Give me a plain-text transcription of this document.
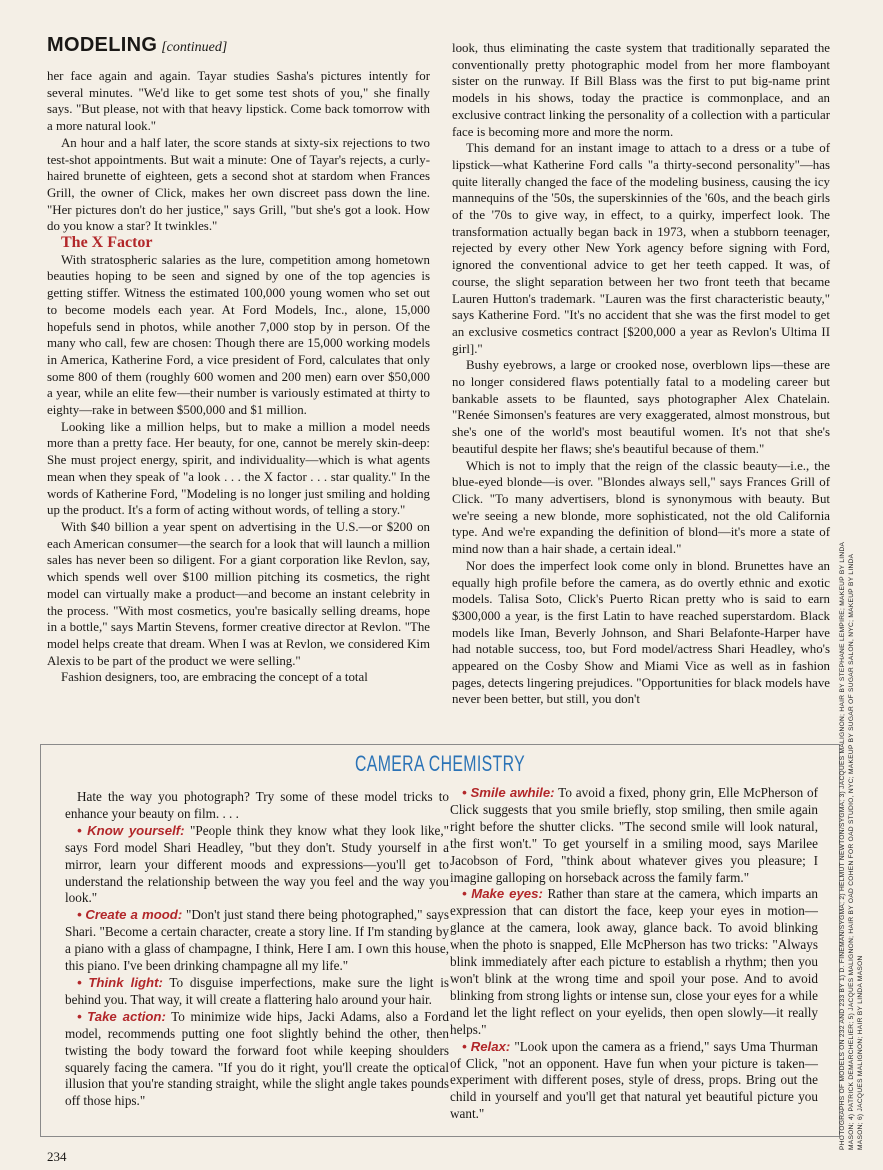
MODELING [continued]

her face again and again. Tayar studies Sasha's pictures intently for several minutes. "We'd like to get some test shots of you," she finally says. "But please, not with that heavy lipstick. Come back tomorrow with a more natural look."

An hour and a half later, the score stands at sixty-six rejections to two test-shot appointments. But wait a minute: One of Tayar's rejects, a curly-haired brunette of eighteen, gets a second shot at stardom when Frances Grill, the owner of Click, makes her own discreet pass down the line. "Her pictures don't do her justice," says Grill, "but she's got a look. How do you know a star? It twinkles."

The X Factor

With stratospheric salaries as the lure, competition among hometown beauties hoping to be seen and signed by one of the top agencies is getting stiffer. Witness the estimated 100,000 young women who set out to become models each year. At Ford Models, Inc., alone, 15,000 hopefuls send in photos, while another 7,000 stop by in person. Of the many who call, few are chosen: Though there are 15,000 working models in America, Katherine Ford, a vice president of Ford, calculates that only some 800 of them (roughly 600 women and 200 men) earn over $50,000 a year, while an elite few—their number is variously estimated at thirty to eighty—rake in between $500,000 and $1 million.

Looking like a million helps, but to make a million a model needs more than a pretty face. Her beauty, for one, cannot be merely skin-deep: She must project energy, spirit, and individuality—which is what agents mean when they speak of "a look . . . the X factor . . . star quality." In the words of Katherine Ford, "Modeling is no longer just smiling and holding up the product. It's a form of acting without words, of telling a story."

With $40 billion a year spent on advertising in the U.S.—or $200 on each American consumer—the search for a look that will launch a million sales has never been so diligent. For a giant corporation like Revlon, say, which spends well over $100 million pitching its cosmetics, the right model can virtually make a product—and become an instant celebrity in the process. "With most cosmetics, you're basically selling dreams, hope in a bottle," says Martin Stevens, former creative director at Revlon. "The model helps create that dream. When I was at Revlon, we considered Kim Alexis to be part of the product we were selling."

Fashion designers, too, are embracing the concept of a total

look, thus eliminating the caste system that traditionally separated the conventionally pretty photographic model from her more flamboyant sister on the runway. If Bill Blass was the first to put big-name print models in his shows, today the practice is commonplace, and an exclusive contract linking the personality of a collection with a particular face is becoming more and more the norm.

This demand for an instant image to attach to a dress or a tube of lipstick—what Katherine Ford calls "a thirty-second personality"—has quite literally changed the face of the modeling business, causing the icy mannequins of the '50s, the superskinnies of the '60s, and the beach girls of the '70s to give way, in effect, to a quirky, imperfect look. The transformation actually began back in 1973, when a stubborn teenager, rejected by every other New York agency before signing with Ford, ignored the conventional advice to get her teeth capped. It was, of course, the slight separation between her two front teeth that became Lauren Hutton's trademark. "Lauren was the first characteristic beauty," says Katherine Ford. "It's no accident that she was the first model to get an exclusive cosmetics contract [$200,000 a year as Revlon's Ultima II girl]."

Bushy eyebrows, a large or crooked nose, overblown lips—these are no longer considered flaws potentially fatal to a modeling career but bankable assets to be flaunted, says photographer Alex Chatelain. "Renée Simonsen's features are very exaggerated, almost monstrous, but she's one of the world's most beautiful women. It's not that she's beautiful despite her flaws; she's beautiful because of them."

Which is not to imply that the reign of the classic beauty—i.e., the blue-eyed blonde—is over. "Blondes always sell," says Frances Grill of Click. "To many advertisers, blond is synonymous with beauty. But we're seeing a new blonde, more sophisticated, not the old California type. And we're expanding the definition of blond—it's more a state of mind now than a hair shade, a certain ideal."

Nor does the imperfect look come only in blond. Brunettes have an equally high profile before the camera, as do overtly ethnic and exotic models. Talisa Soto, Click's Puerto Rican pretty who is said to earn $300,000 a year, is the first Latin to have reached superstardom. Black models like Iman, Beverly Johnson, and Shari Belafonte-Harper have had notable success, too, but Ford model/actress Shari Headley, who's appeared on the Cosby Show and Miami Vice as well as in fashion pages, detects lingering prejudices. "Opportunities for black models have never been better, but still, you don't

CAMERA CHEMISTRY

Hate the way you photograph? Try some of these model tricks to enhance your beauty on film. . . .

• Know yourself: "People think they know what they look like," says Ford model Shari Headley, "but they don't. Study yourself in a mirror, learn your different moods and expressions—you'll get to understand the relationship between the way you feel and the way you look."

• Create a mood: "Don't just stand there being photographed," says Shari. "Become a certain character, create a story line. If I'm standing by a piano with a glass of champagne, I think, Here I am. I own this house, this piano. I've been drinking champagne all my life."

• Think light: To disguise imperfections, make sure the light is behind you. That way, it will create a flattering halo around your hair.

• Take action: To minimize wide hips, Jacki Adams, also a Ford model, recommends putting one foot slightly behind the other, then twisting the body toward the forward foot while keeping shoulders squarely facing the camera. "If you do it right, you'll create the optical illusion that you're standing straight, while the slight angle takes pounds off those hips."

• Smile awhile: To avoid a fixed, phony grin, Elle McPherson of Click suggests that you smile briefly, stop smiling, then smile again right before the shutter clicks. "The second smile will look natural, the first won't." To get yourself in a smiling mood, says Marilee Jacobson of Ford, "think about whatever gives you pleasure; I imagine galloping on horseback across the family farm."

• Make eyes: Rather than stare at the camera, which imparts an expression that can distort the face, keep your eyes in motion—glance at the camera, look away, glance back. To avoid blinking when the photo is snapped, Elle McPherson has two tricks: "Always blink immediately after each picture to establish a rhythm; then you won't blink at the wrong time and spoil your pose. And to avoid blinking from strong lights or intense sun, close your eyes for a while and let the light reflect on your eyelids, then open slowly—it really helps."

• Relax: "Look upon the camera as a friend," says Uma Thurman of Click, "not an opponent. Have fun when your picture is taken—experiment with different poses, style of dress, props. Bring out the child in yourself and you'll get that natural yet beautiful picture you want."

234
PHOTOGRAPHS OF MODELS ON 232 AND 233 BY 1) D. FINEMAN/SYGMA; 2) HELMUT NEWTON/SYGMA; 3) JACQUES MALIGNON; HAIR BY STEPHANE LEMPIRE; MAKEUP BY LINDA MASON; 4) PATRICK DEMARCHELIER; 5) JACQUES MALIGNON; HAIR BY OAD COHEN FOR OAD STUDIO, NYC; MAKEUP BY SUGAR OF SUGAR SALON, NYC; MAKEUP BY LINDA MASON; 6) JACQUES MALIGNON; HAIR BY LINDA MASON
